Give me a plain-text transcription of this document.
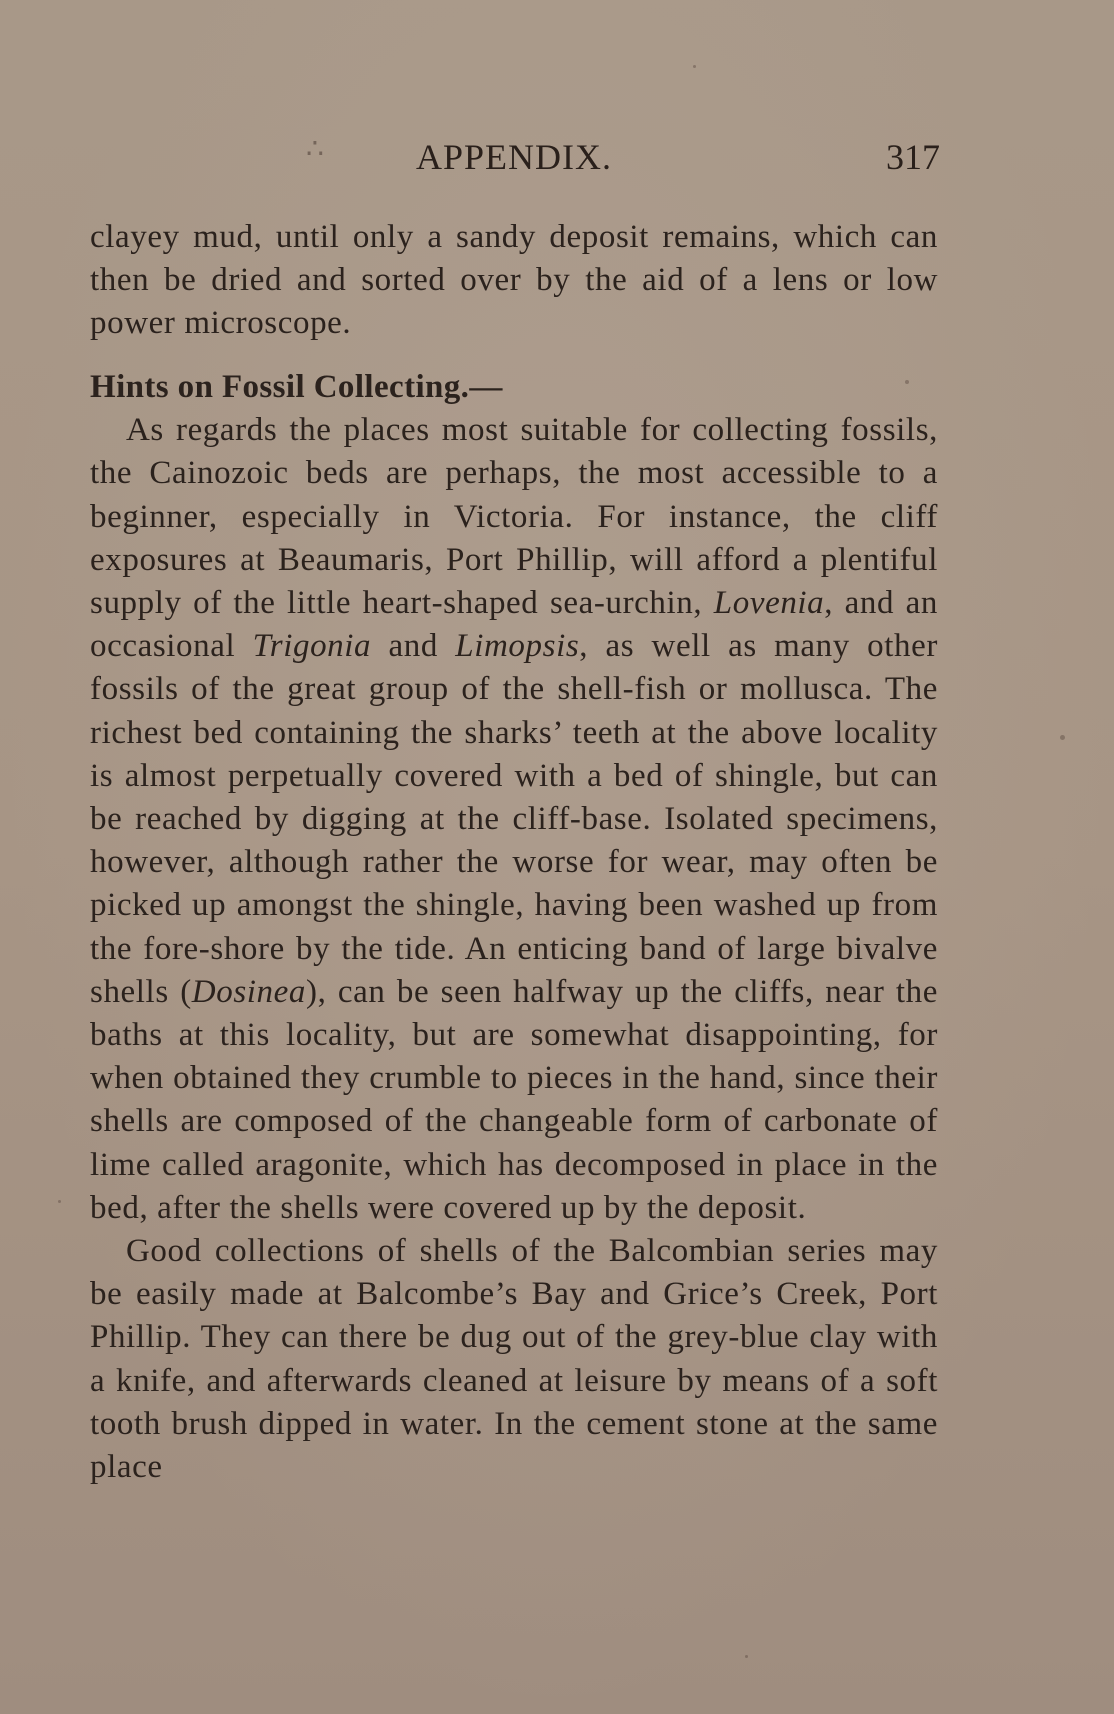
∴	APPENDIX.	317

clayey mud, until only a sandy deposit remains, which can then be dried and sorted over by the aid of a lens or low power microscope.

Hints on Fossil Collecting.—

As regards the places most suitable for collecting fossils, the Cainozoic beds are perhaps, the most accessible to a beginner, especially in Victoria. For instance, the cliff exposures at Beaumaris, Port Phillip, will afford a plentiful supply of the little heart-shaped sea-urchin, Lovenia, and an occasional Trigonia and Limopsis, as well as many other fossils of the great group of the shell-fish or mollusca. The richest bed containing the sharks’ teeth at the above locality is almost perpetually covered with a bed of shingle, but can be reached by digging at the cliff-base. Isolated specimens, however, although rather the worse for wear, may often be picked up amongst the shingle, having been washed up from the fore-shore by the tide. An enticing band of large bivalve shells (Dosinea), can be seen halfway up the cliffs, near the baths at this locality, but are somewhat disappointing, for when obtained they crumble to pieces in the hand, since their shells are composed of the changeable form of carbonate of lime called aragonite, which has decomposed in place in the bed, after the shells were covered up by the deposit.

Good collections of shells of the Balcombian series may be easily made at Balcombe’s Bay and Grice’s Creek, Port Phillip. They can there be dug out of the grey-blue clay with a knife, and afterwards cleaned at leisure by means of a soft tooth brush dipped in water. In the cement stone at the same place
